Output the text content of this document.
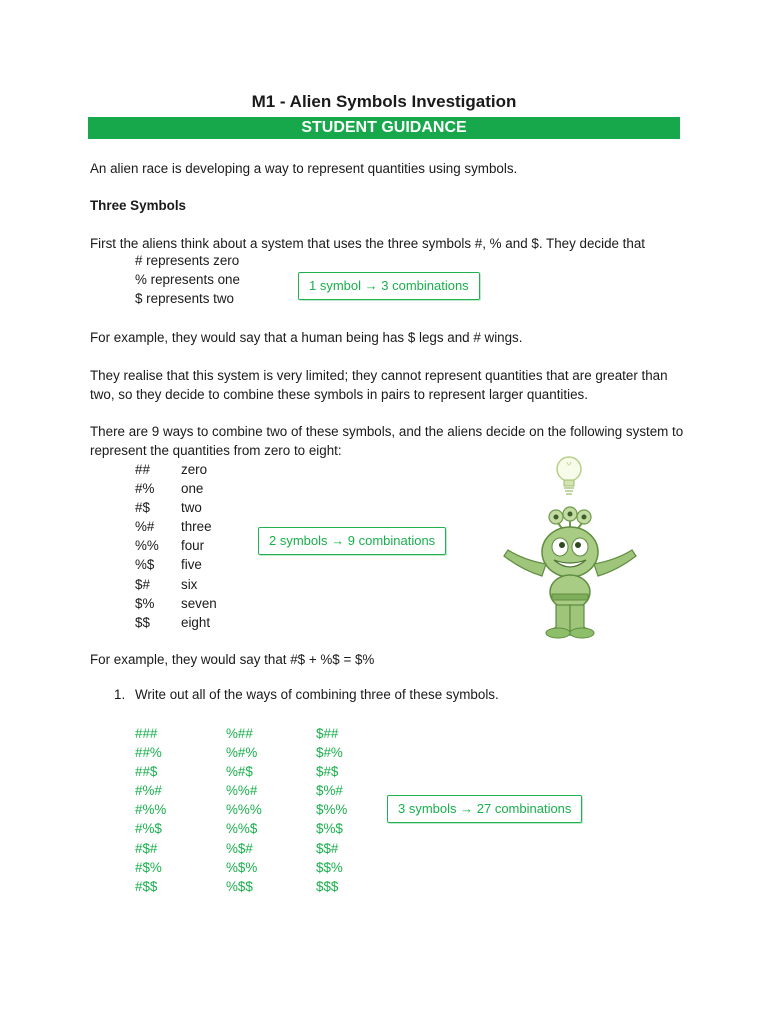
M1 - Alien Symbols Investigation
STUDENT GUIDANCE
An alien race is developing a way to represent quantities using symbols.
Three Symbols
First the aliens think about a system that uses the three symbols #, % and $. They decide that
# represents zero
% represents one
$ represents two
1 symbol → 3 combinations
For example, they would say that a human being has $ legs and # wings.
They realise that this system is very limited; they cannot represent quantities that are greater than two, so they decide to combine these symbols in pairs to represent larger quantities.
There are 9 ways to combine two of these symbols, and the aliens decide on the following system to represent the quantities from zero to eight:
##
#%
#$
%#
%%
%$
$#
$%
$$
zero
one
two
three
four
five
six
seven
eight
2 symbols → 9 combinations
For example, they would say that #$ + %$ = $%
1. Write out all of the ways of combining three of these symbols.
###
##%
##$
#%#
#%%
#%$
#$#
#$%
#$$
%##
%#%
%#$
%%#
%%%
%%$
%$#
%$%
%$$
$##
$#%
$#$
$%#
$%%
$%$
$$#
$$%
$$$
3 symbols → 27 combinations
